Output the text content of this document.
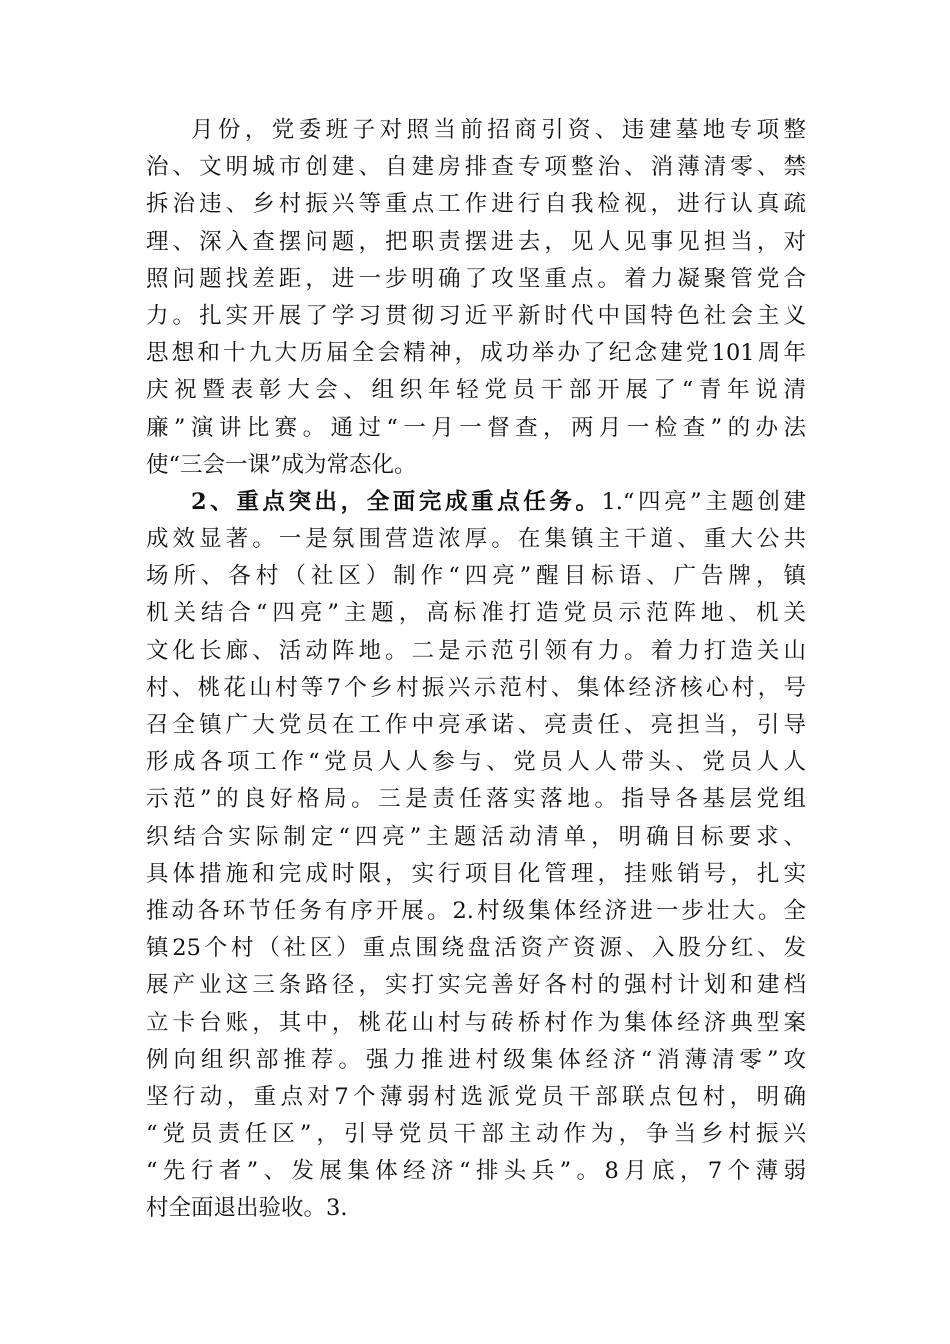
月份，党委班子对照当前招商引资、违建墓地专项整
治、文明城市创建、自建房排查专项整治、消薄清零、禁
拆治违、乡村振兴等重点工作进行自我检视，进行认真疏
理、深入查摆问题，把职责摆进去，见人见事见担当，对
照问题找差距，进一步明确了攻坚重点。着力凝聚管党合
力。扎实开展了学习贯彻习近平新时代中国特色社会主义
思想和十九大历届全会精神，成功举办了纪念建党101周年
庆祝暨表彰大会、组织年轻党员干部开展了“青年说清
廉”演讲比赛。通过“一月一督查，两月一检查”的办法
使“三会一课”成为常态化。
2、重点突出，全面完成重点任务。1.“四亮”主题创建
成效显著。一是氛围营造浓厚。在集镇主干道、重大公共
场所、各村（社区）制作“四亮”醒目标语、广告牌，镇
机关结合“四亮”主题，高标准打造党员示范阵地、机关
文化长廊、活动阵地。二是示范引领有力。着力打造关山
村、桃花山村等7个乡村振兴示范村、集体经济核心村，号
召全镇广大党员在工作中亮承诺、亮责任、亮担当，引导
形成各项工作“党员人人参与、党员人人带头、党员人人
示范”的良好格局。三是责任落实落地。指导各基层党组
织结合实际制定“四亮”主题活动清单，明确目标要求、
具体措施和完成时限，实行项目化管理，挂账销号，扎实
推动各环节任务有序开展。2.村级集体经济进一步壮大。全
镇25个村（社区）重点围绕盘活资产资源、入股分红、发
展产业这三条路径，实打实完善好各村的强村计划和建档
立卡台账，其中，桃花山村与砖桥村作为集体经济典型案
例向组织部推荐。强力推进村级集体经济“消薄清零”攻
坚行动，重点对7个薄弱村选派党员干部联点包村，明确
“党员责任区”，引导党员干部主动作为，争当乡村振兴
“先行者”、发展集体经济“排头兵”。8月底，7个薄弱
村全面退出验收。3.
